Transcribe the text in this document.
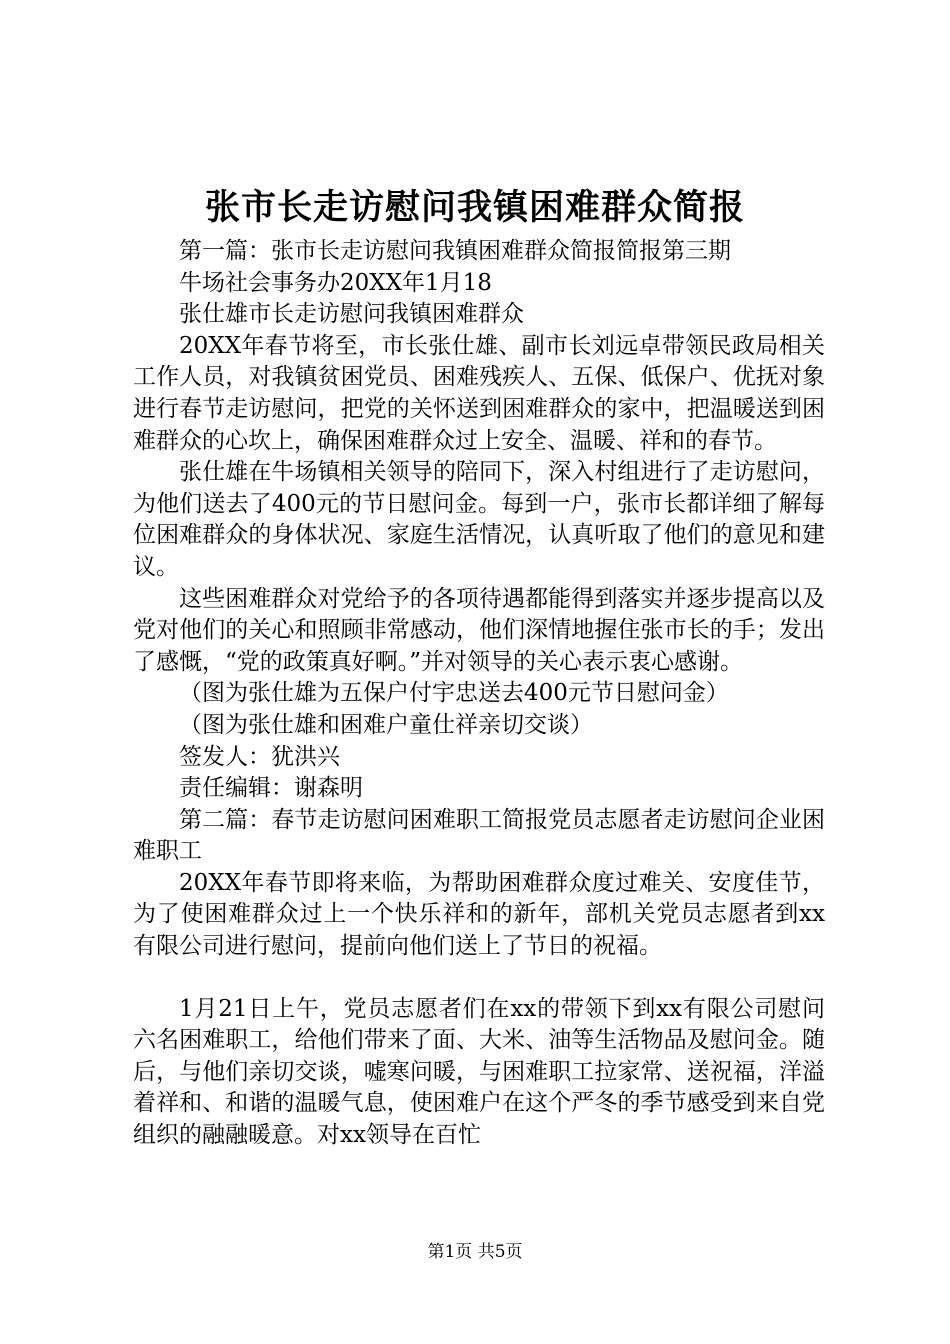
张市长走访慰问我镇困难群众简报

第一篇：张市长走访慰问我镇困难群众简报简报第三期

牛场社会事务办20XX年1月18

张仕雄市长走访慰问我镇困难群众

20XX年春节将至，市长张仕雄、副市长刘远卓带领民政局相关工作人员，对我镇贫困党员、困难残疾人、五保、低保户、优抚对象进行春节走访慰问，把党的关怀送到困难群众的家中，把温暖送到困难群众的心坎上，确保困难群众过上安全、温暖、祥和的春节。

张仕雄在牛场镇相关领导的陪同下，深入村组进行了走访慰问，为他们送去了400元的节日慰问金。每到一户，张市长都详细了解每位困难群众的身体状况、家庭生活情况，认真听取了他们的意见和建议。

这些困难群众对党给予的各项待遇都能得到落实并逐步提高以及党对他们的关心和照顾非常感动，他们深情地握住张市长的手；发出了感慨，“党的政策真好啊。”并对领导的关心表示衷心感谢。

（图为张仕雄为五保户付宇忠送去400元节日慰问金）

（图为张仕雄和困难户童仕祥亲切交谈）

签发人：犹洪兴

责任编辑：谢森明

第二篇：春节走访慰问困难职工简报党员志愿者走访慰问企业困难职工

20XX年春节即将来临，为帮助困难群众度过难关、安度佳节，为了使困难群众过上一个快乐祥和的新年，部机关党员志愿者到xx有限公司进行慰问，提前向他们送上了节日的祝福。

1月21日上午，党员志愿者们在xx的带领下到xx有限公司慰问六名困难职工，给他们带来了面、大米、油等生活物品及慰问金。随后，与他们亲切交谈，嘘寒问暖，与困难职工拉家常、送祝福，洋溢着祥和、和谐的温暖气息，使困难户在这个严冬的季节感受到来自党组织的融融暖意。对xx领导在百忙

第1页 共5页
